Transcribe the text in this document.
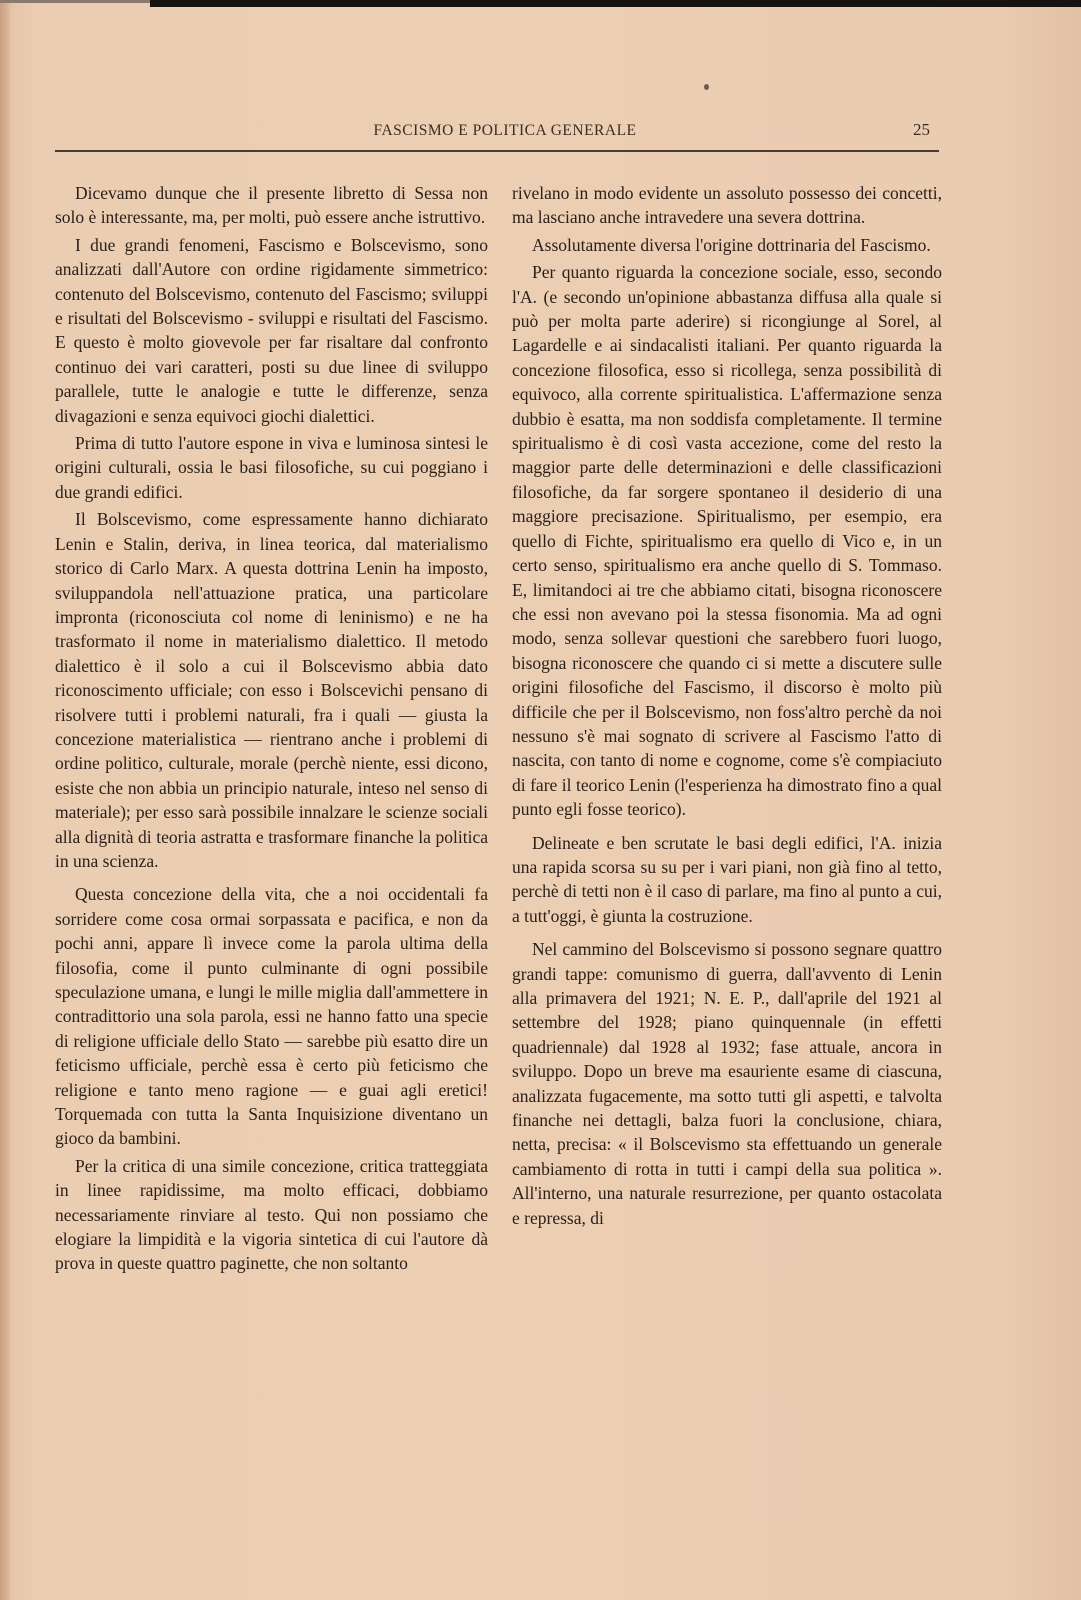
FASCISMO E POLITICA GENERALE	25

Dicevamo dunque che il presente libretto di Sessa non solo è interessante, ma, per molti, può essere anche istruttivo.

I due grandi fenomeni, Fascismo e Bolscevismo, sono analizzati dall'Autore con ordine rigidamente simmetrico: contenuto del Bolscevismo, contenuto del Fascismo; sviluppi e risultati del Bolscevismo - sviluppi e risultati del Fascismo. E questo è molto giovevole per far risaltare dal confronto continuo dei vari caratteri, posti su due linee di sviluppo parallele, tutte le analogie e tutte le differenze, senza divagazioni e senza equivoci giochi dialettici.

Prima di tutto l'autore espone in viva e luminosa sintesi le origini culturali, ossia le basi filosofiche, su cui poggiano i due grandi edifici.

Il Bolscevismo, come espressamente hanno dichiarato Lenin e Stalin, deriva, in linea teorica, dal materialismo storico di Carlo Marx. A questa dottrina Lenin ha imposto, sviluppandola nell'attuazione pratica, una particolare impronta (riconosciuta col nome di leninismo) e ne ha trasformato il nome in materialismo dialettico. Il metodo dialettico è il solo a cui il Bolscevismo abbia dato riconoscimento ufficiale; con esso i Bolscevichi pensano di risolvere tutti i problemi naturali, fra i quali — giusta la concezione materialistica — rientrano anche i problemi di ordine politico, culturale, morale (perchè niente, essi dicono, esiste che non abbia un principio naturale, inteso nel senso di materiale); per esso sarà possibile innalzare le scienze sociali alla dignità di teoria astratta e trasformare finanche la politica in una scienza.

Questa concezione della vita, che a noi occidentali fa sorridere come cosa ormai sorpassata e pacifica, e non da pochi anni, appare lì invece come la parola ultima della filosofia, come il punto culminante di ogni possibile speculazione umana, e lungi le mille miglia dall'ammettere in contradittorio una sola parola, essi ne hanno fatto una specie di religione ufficiale dello Stato — sarebbe più esatto dire un feticismo ufficiale, perchè essa è certo più feticismo che religione e tanto meno ragione — e guai agli eretici! Torquemada con tutta la Santa Inquisizione diventano un gioco da bambini.

Per la critica di una simile concezione, critica tratteggiata in linee rapidissime, ma molto efficaci, dobbiamo necessariamente rinviare al testo. Qui non possiamo che elogiare la limpidità e la vigoria sintetica di cui l'autore dà prova in queste quattro paginette, che non soltanto

rivelano in modo evidente un assoluto possesso dei concetti, ma lasciano anche intravedere una severa dottrina.

Assolutamente diversa l'origine dottrinaria del Fascismo.

Per quanto riguarda la concezione sociale, esso, secondo l'A. (e secondo un'opinione abbastanza diffusa alla quale si può per molta parte aderire) si ricongiunge al Sorel, al Lagardelle e ai sindacalisti italiani. Per quanto riguarda la concezione filosofica, esso si ricollega, senza possibilità di equivoco, alla corrente spiritualistica. L'affermazione senza dubbio è esatta, ma non soddisfa completamente. Il termine spiritualismo è di così vasta accezione, come del resto la maggior parte delle determinazioni e delle classificazioni filosofiche, da far sorgere spontaneo il desiderio di una maggiore precisazione. Spiritualismo, per esempio, era quello di Fichte, spiritualismo era quello di Vico e, in un certo senso, spiritualismo era anche quello di S. Tommaso. E, limitandoci ai tre che abbiamo citati, bisogna riconoscere che essi non avevano poi la stessa fisonomia. Ma ad ogni modo, senza sollevar questioni che sarebbero fuori luogo, bisogna riconoscere che quando ci si mette a discutere sulle origini filosofiche del Fascismo, il discorso è molto più difficile che per il Bolscevismo, non foss'altro perchè da noi nessuno s'è mai sognato di scrivere al Fascismo l'atto di nascita, con tanto di nome e cognome, come s'è compiaciuto di fare il teorico Lenin (l'esperienza ha dimostrato fino a qual punto egli fosse teorico).

Delineate e ben scrutate le basi degli edifici, l'A. inizia una rapida scorsa su su per i vari piani, non già fino al tetto, perchè di tetti non è il caso di parlare, ma fino al punto a cui, a tutt'oggi, è giunta la costruzione.

Nel cammino del Bolscevismo si possono segnare quattro grandi tappe: comunismo di guerra, dall'avvento di Lenin alla primavera del 1921; N. E. P., dall'aprile del 1921 al settembre del 1928; piano quinquennale (in effetti quadriennale) dal 1928 al 1932; fase attuale, ancora in sviluppo. Dopo un breve ma esauriente esame di ciascuna, analizzata fugacemente, ma sotto tutti gli aspetti, e talvolta finanche nei dettagli, balza fuori la conclusione, chiara, netta, precisa: « il Bolscevismo sta effettuando un generale cambiamento di rotta in tutti i campi della sua politica ». All'interno, una naturale resurrezione, per quanto ostacolata e repressa, di
